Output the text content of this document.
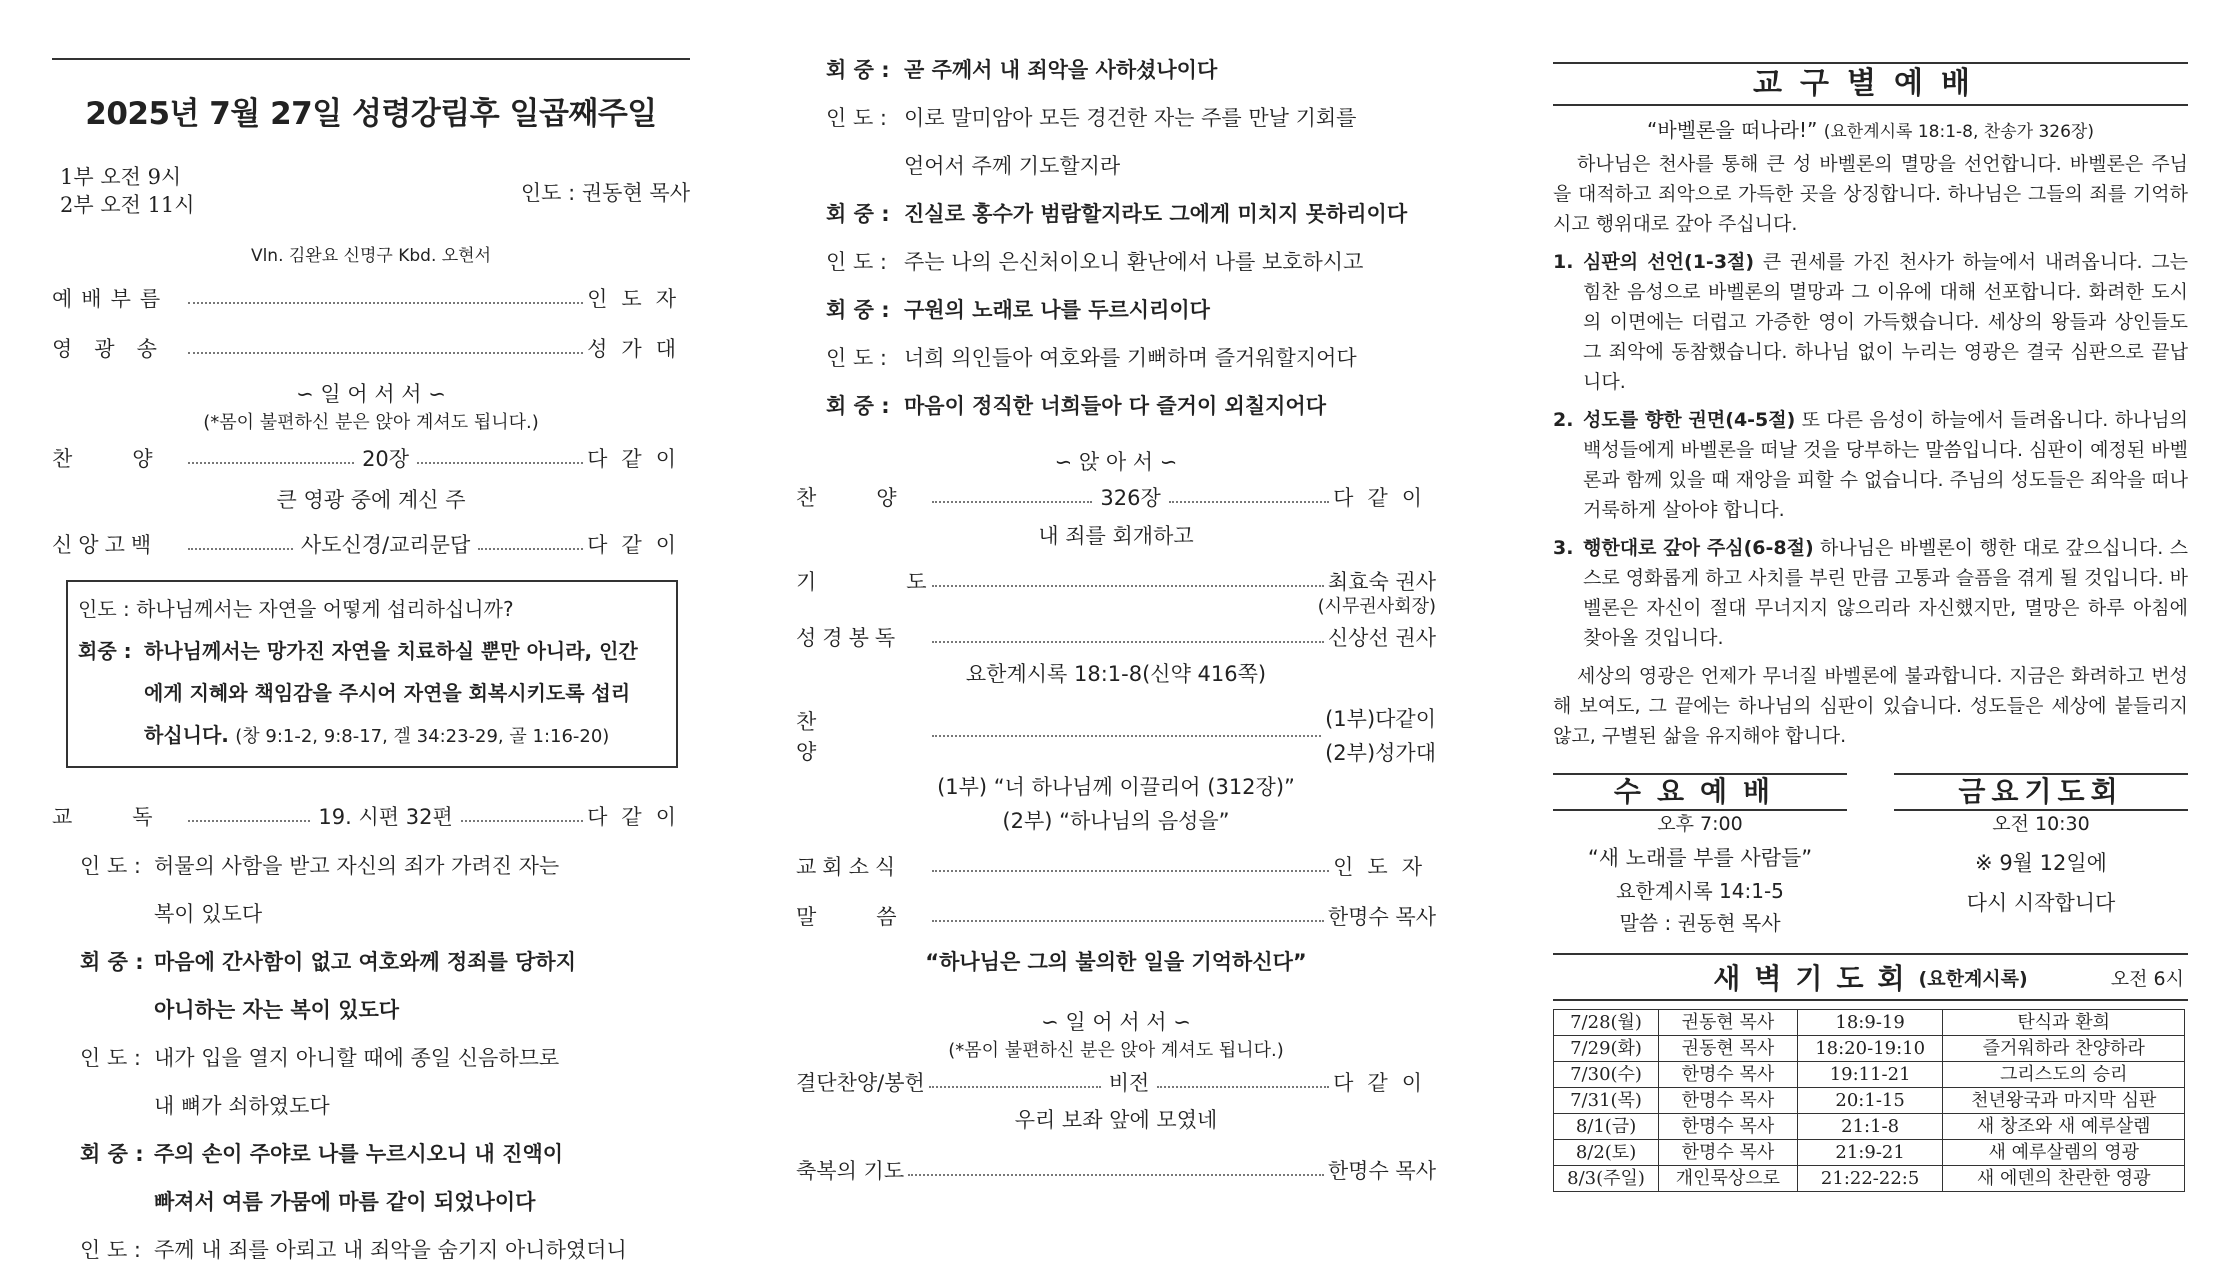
2025년 7월 27일 성령강림후 일곱째주일
1부 오전 9시
2부 오전 11시	인도 : 권동현 목사
Vln. 김완요 신명구 Kbd. 오현서
예배부름	인도자
영광송	성가대
∽ 일 어 서 서 ∽
(*몸이 불편하신 분은 앉아 계셔도 됩니다.)
찬양	20장	다같이
큰 영광 중에 계신 주
신앙고백	사도신경/교리문답	다같이
인도 :
하나님께서는 자연을 어떻게 섭리하십니까?
회중 : 하나님께서는 망가진 자연을 치료하실 뿐만 아니라, 인간
에게 지혜와 책임감을 주시어 자연을 회복시키도록 섭리
하십니다. (창 9:1-2, 9:8-17, 겔 34:23-29, 골 1:16-20)
교독	19. 시편 32편	다같이
인 도 : 허물의 사함을 받고 자신의 죄가 가려진 자는
복이 있도다
회 중 : 마음에 간사함이 없고 여호와께 정죄를 당하지
아니하는 자는 복이 있도다
인 도 : 내가 입을 열지 아니할 때에 종일 신음하므로
내 뼈가 쇠하였도다
회 중 : 주의 손이 주야로 나를 누르시오니 내 진액이
빠져서 여름 가뭄에 마름 같이 되었나이다
인 도 : 주께 내 죄를 아뢰고 내 죄악을 숨기지 아니하였더니
회 중 : 곧 주께서 내 죄악을 사하셨나이다
인 도 : 이로 말미암아 모든 경건한 자는 주를 만날 기회를
얻어서 주께 기도할지라
회 중 : 진실로 홍수가 범람할지라도 그에게 미치지 못하리이다
인 도 : 주는 나의 은신처이오니 환난에서 나를 보호하시고
회 중 : 구원의 노래로 나를 두르시리이다
인 도 : 너희 의인들아 여호와를 기뻐하며 즐거워할지어다
회 중 : 마음이 정직한 너희들아 다 즐거이 외칠지어다
∽ 앉 아 서 ∽
찬양	326장	다같이
내 죄를 회개하고
기도	최효숙 권사
(시무권사회장)
성경봉독	신상선 권사
요한계시록 18:1-8(신약 416쪽)
찬양
(1부)다같이
(2부)성가대
(1부) “너 하나님께 이끌리어 (312장)”
(2부) “하나님의 음성을”
교회소식	인도자
말씀	한명수 목사
“하나님은 그의 불의한 일을 기억하신다”
∽ 일 어 서 서 ∽
(*몸이 불편하신 분은 앉아 계셔도 됩니다.)
결단찬양/봉헌	비전	다같이
우리 보좌 앞에 모였네
축복의 기도	한명수 목사
교구별예배
“바벨론을 떠나라!” (요한계시록 18:1-8, 찬송가 326장)
하나님은 천사를 통해 큰 성 바벨론의 멸망을 선언합니다. 바벨론은 주님을 대적하고 죄악으로 가득한 곳을 상징합니다. 하나님은 그들의 죄를 기억하시고 행위대로 갚아 주십니다.
1. 심판의 선언(1-3절) 큰 권세를 가진 천사가 하늘에서 내려옵니다. 그는 힘찬 음성으로 바벨론의 멸망과 그 이유에 대해 선포합니다. 화려한 도시의 이면에는 더럽고 가증한 영이 가득했습니다. 세상의 왕들과 상인들도 그 죄악에 동참했습니다. 하나님 없이 누리는 영광은 결국 심판으로 끝납니다.
2. 성도를 향한 권면(4-5절) 또 다른 음성이 하늘에서 들려옵니다. 하나님의 백성들에게 바벨론을 떠날 것을 당부하는 말씀입니다. 심판이 예정된 바벨론과 함께 있을 때 재앙을 피할 수 없습니다. 주님의 성도들은 죄악을 떠나 거룩하게 살아야 합니다.
3. 행한대로 갚아 주심(6-8절) 하나님은 바벨론이 행한 대로 갚으십니다. 스스로 영화롭게 하고 사치를 부린 만큼 고통과 슬픔을 겪게 될 것입니다. 바벨론은 자신이 절대 무너지지 않으리라 자신했지만, 멸망은 하루 아침에 찾아올 것입니다.
세상의 영광은 언제가 무너질 바벨론에 불과합니다. 지금은 화려하고 번성해 보여도, 그 끝에는 하나님의 심판이 있습니다. 성도들은 세상에 붙들리지 않고, 구별된 삶을 유지해야 합니다.
수요예배
오후 7:00
“새 노래를 부를 사람들”
요한계시록 14:1-5
말씀 : 권동현 목사
금요기도회
오전 10:30
※ 9월 12일에
다시 시작합니다
새벽기도회 (요한계시록)	오전 6시
7/28(월)	권동현 목사	18:9-19	탄식과 환희
7/29(화)	권동현 목사	18:20-19:10	즐거워하라 찬양하라
7/30(수)	한명수 목사	19:11-21	그리스도의 승리
7/31(목)	한명수 목사	20:1-15	천년왕국과 마지막 심판
8/1(금)	한명수 목사	21:1-8	새 창조와 새 예루살렘
8/2(토)	한명수 목사	21:9-21	새 예루살렘의 영광
8/3(주일)	개인묵상으로	21:22-22:5	새 에덴의 찬란한 영광
